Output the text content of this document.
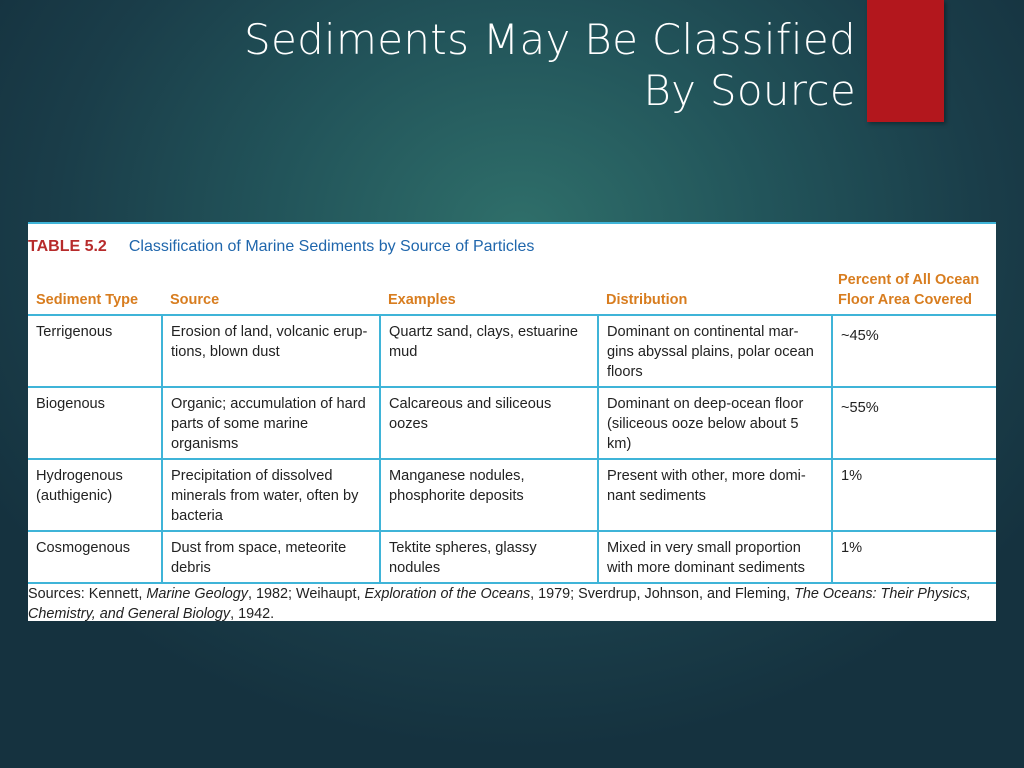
Sediments May Be Classified
By Source
TABLE 5.2 Classification of Marine Sediments by Source of Particles
Sediment Type	Source	Examples	Distribution	Percent of All Ocean
Floor Area Covered
Terrigenous	Erosion of land, volcanic erup-tions, blown dust	Quartz sand, clays, estuarine mud	Dominant on continental mar-gins abyssal plains, polar ocean floors	~45%
Biogenous	Organic; accumulation of hard parts of some marine organisms	Calcareous and siliceous oozes	Dominant on deep-ocean floor (siliceous ooze below about 5 km)	~55%
Hydrogenous (authigenic)	Precipitation of dissolved minerals from water, often by bacteria	Manganese nodules, phosphorite deposits	Present with other, more domi-nant sediments	1%
Cosmogenous	Dust from space, meteorite debris	Tektite spheres, glassy nodules	Mixed in very small proportion with more dominant sediments	1%
Sources: Kennett, Marine Geology, 1982; Weihaupt, Exploration of the Oceans, 1979; Sverdrup, Johnson, and Fleming, The Oceans: Their Physics, Chemistry, and General Biology, 1942.
